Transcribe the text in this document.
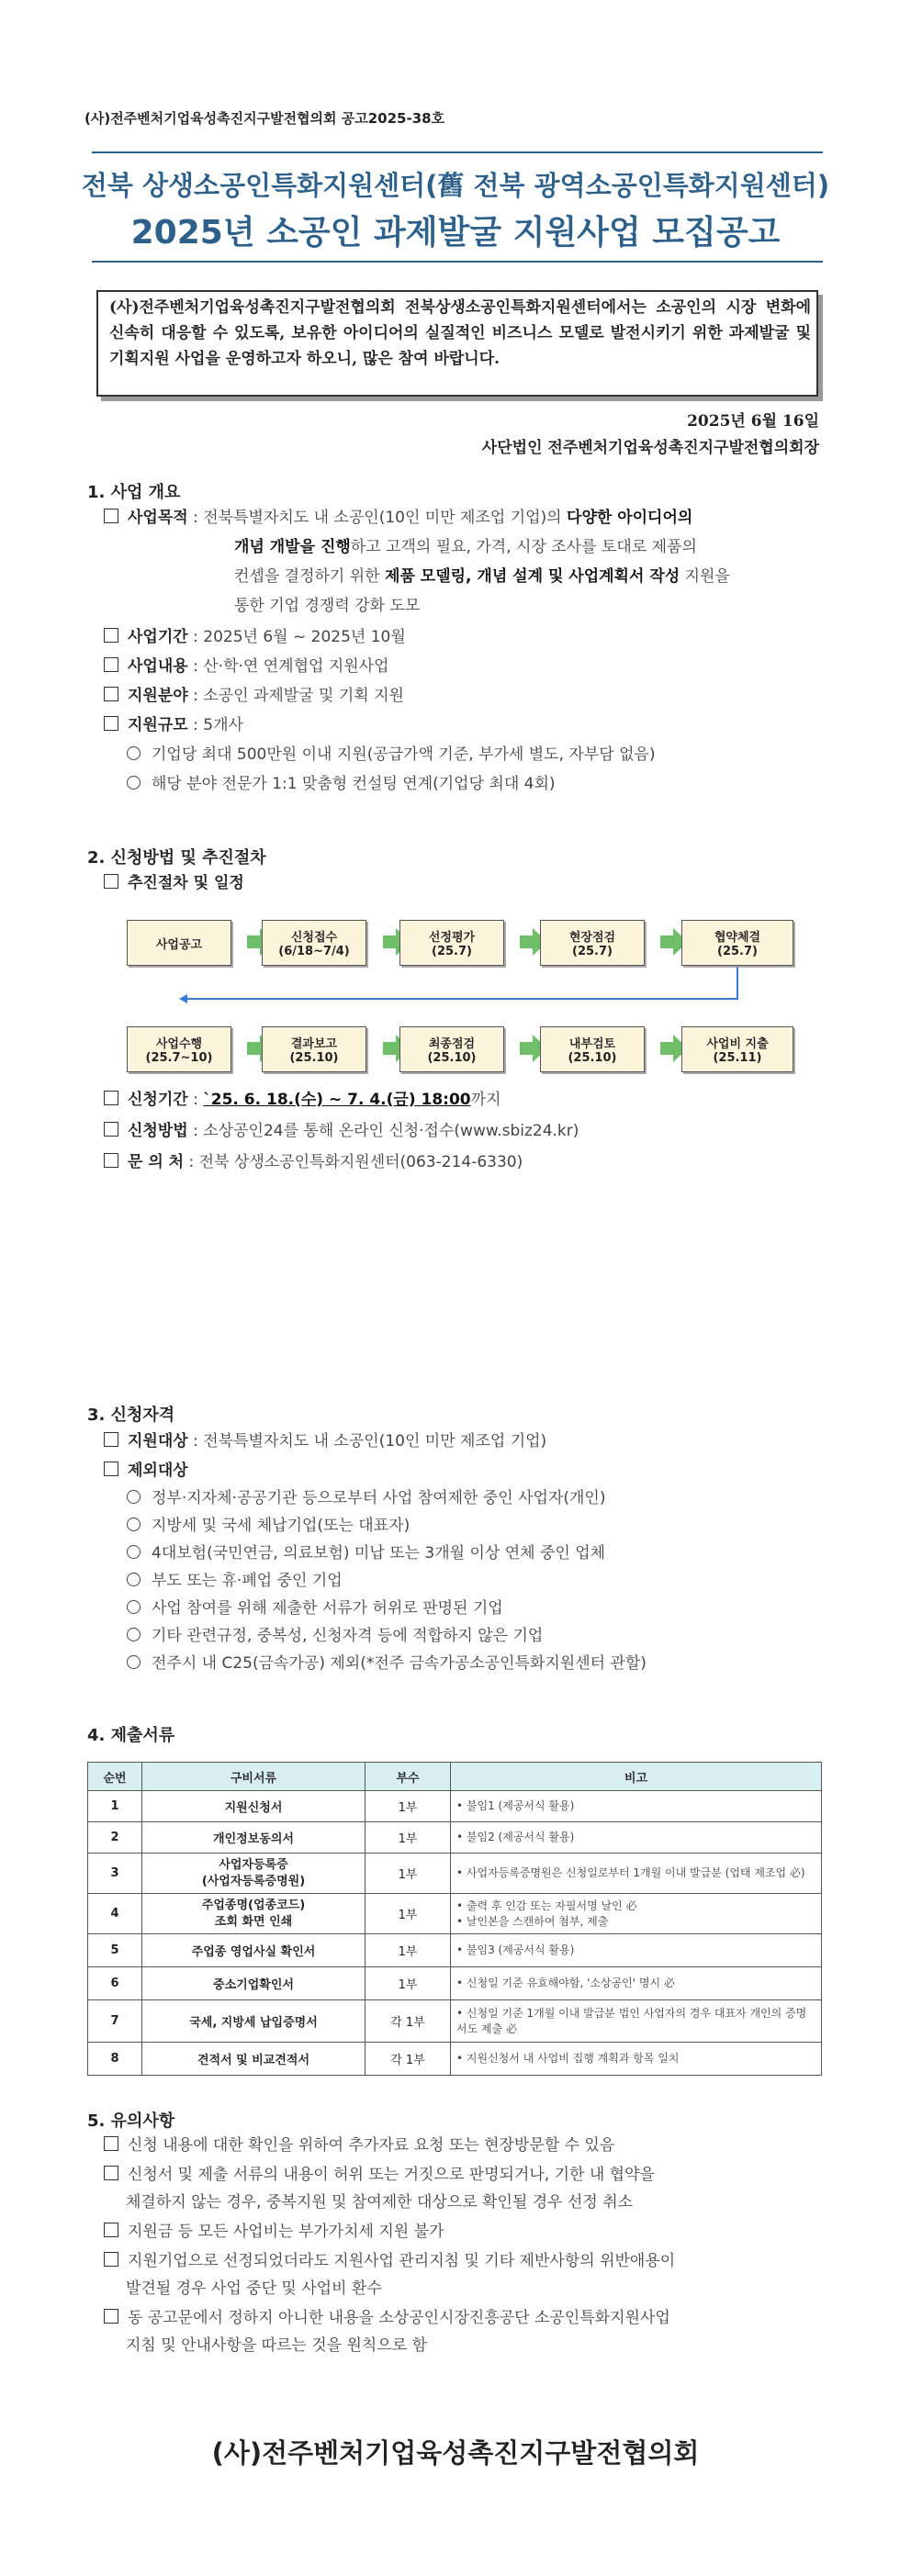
(사)전주벤처기업육성촉진지구발전협의회 공고2025-38호
전북 상생소공인특화지원센터(舊 전북 광역소공인특화지원센터)
2025년 소공인 과제발굴 지원사업 모집공고
(사)전주벤처기업육성촉진지구발전협의회 전북상생소공인특화지원센터에서는 소공인의 시장 변화에 신속히 대응할 수 있도록, 보유한 아이디어의 실질적인 비즈니스 모델로 발전시키기 위한 과제발굴 및 기획지원 사업을 운영하고자 하오니, 많은 참여 바랍니다.
2025년 6월 16일
사단법인 전주벤처기업육성촉진지구발전협의회장
1. 사업 개요
사업목적 : 전북특별자치도 내 소공인(10인 미만 제조업 기업)의 다양한 아이디어의
개념 개발을 진행하고 고객의 필요, 가격, 시장 조사를 토대로 제품의
컨셉을 결정하기 위한 제품 모델링, 개념 설계 및 사업계획서 작성 지원을
통한 기업 경쟁력 강화 도모
사업기간 : 2025년 6월 ~ 2025년 10월
사업내용 : 산·학·연 연계협업 지원사업
지원분야 : 소공인 과제발굴 및 기획 지원
지원규모 : 5개사
기업당 최대 500만원 이내 지원(공급가액 기준, 부가세 별도, 자부담 없음)
해당 분야 전문가 1:1 맞춤형 컨설팅 연계(기업당 최대 4회)
2. 신청방법 및 추진절차
추진절차 및 일정
사업공고	신청접수
(6/18~7/4)
선정평가
(25.7)
현장점검
(25.7)
협약체결
(25.7)
사업수행
(25.7~10)
결과보고
(25.10)
최종점검
(25.10)
내부검토
(25.10)
사업비 지출
(25.11)
신청기간 : `25. 6. 18.(수) ~ 7. 4.(금) 18:00까지
신청방법 : 소상공인24를 통해 온라인 신청·접수(www.sbiz24.kr)
문 의 처 : 전북 상생소공인특화지원센터(063-214-6330)
3. 신청자격
지원대상 : 전북특별자치도 내 소공인(10인 미만 제조업 기업)
제외대상
정부·지자체·공공기관 등으로부터 사업 참여제한 중인 사업자(개인)
지방세 및 국세 체납기업(또는 대표자)
4대보험(국민연금, 의료보험) 미납 또는 3개월 이상 연체 중인 업체
부도 또는 휴·폐업 중인 기업
사업 참여를 위해 제출한 서류가 허위로 판명된 기업
기타 관련규정, 중복성, 신청자격 등에 적합하지 않은 기업
전주시 내 C25(금속가공) 제외(*전주 금속가공소공인특화지원센터 관할)
4. 제출서류
순번	구비서류	부수	비고
1	지원신청서	1부	• 불임1 (제공서식 활용)
2	개인정보동의서	1부	• 불임2 (제공서식 활용)
3	사업자등록증
(사업자등록증명원)	1부	• 사업자등록증명원은 신청일로부터 1개월 이내 발급분 (업태 제조업 必)
4	주업종명(업종코드)
조회 화면 인쇄	1부	• 출력 후 인감 또는 자필서명 날인 必
• 날인본을 스캔하여 첨부, 제출
5	주업종 영업사실 확인서	1부	• 불임3 (제공서식 활용)
6	중소기업확인서	1부	• 신청일 기준 유효해야함, '소상공인' 명시 必
7	국세, 지방세 납입증명서	각 1부	• 신청일 기준 1개월 이내 발급분 법인 사업자의 경우 대표자 개인의 증명서도 제출 必
8	견적서 및 비교견적서	각 1부	• 지원신청서 내 사업비 집행 계획과 항목 일치
5. 유의사항
신청 내용에 대한 확인을 위하여 추가자료 요청 또는 현장방문할 수 있음
신청서 및 제출 서류의 내용이 허위 또는 거짓으로 판명되거나, 기한 내 협약을
체결하지 않는 경우, 중복지원 및 참여제한 대상으로 확인될 경우 선정 취소
지원금 등 모든 사업비는 부가가치세 지원 불가
지원기업으로 선정되었더라도 지원사업 관리지침 및 기타 제반사항의 위반애용이
발견될 경우 사업 중단 및 사업비 환수
동 공고문에서 정하지 아니한 내용을 소상공인시장진흥공단 소공인특화지원사업
지침 및 안내사항을 따르는 것을 원칙으로 함
(사)전주벤처기업육성촉진지구발전협의회
